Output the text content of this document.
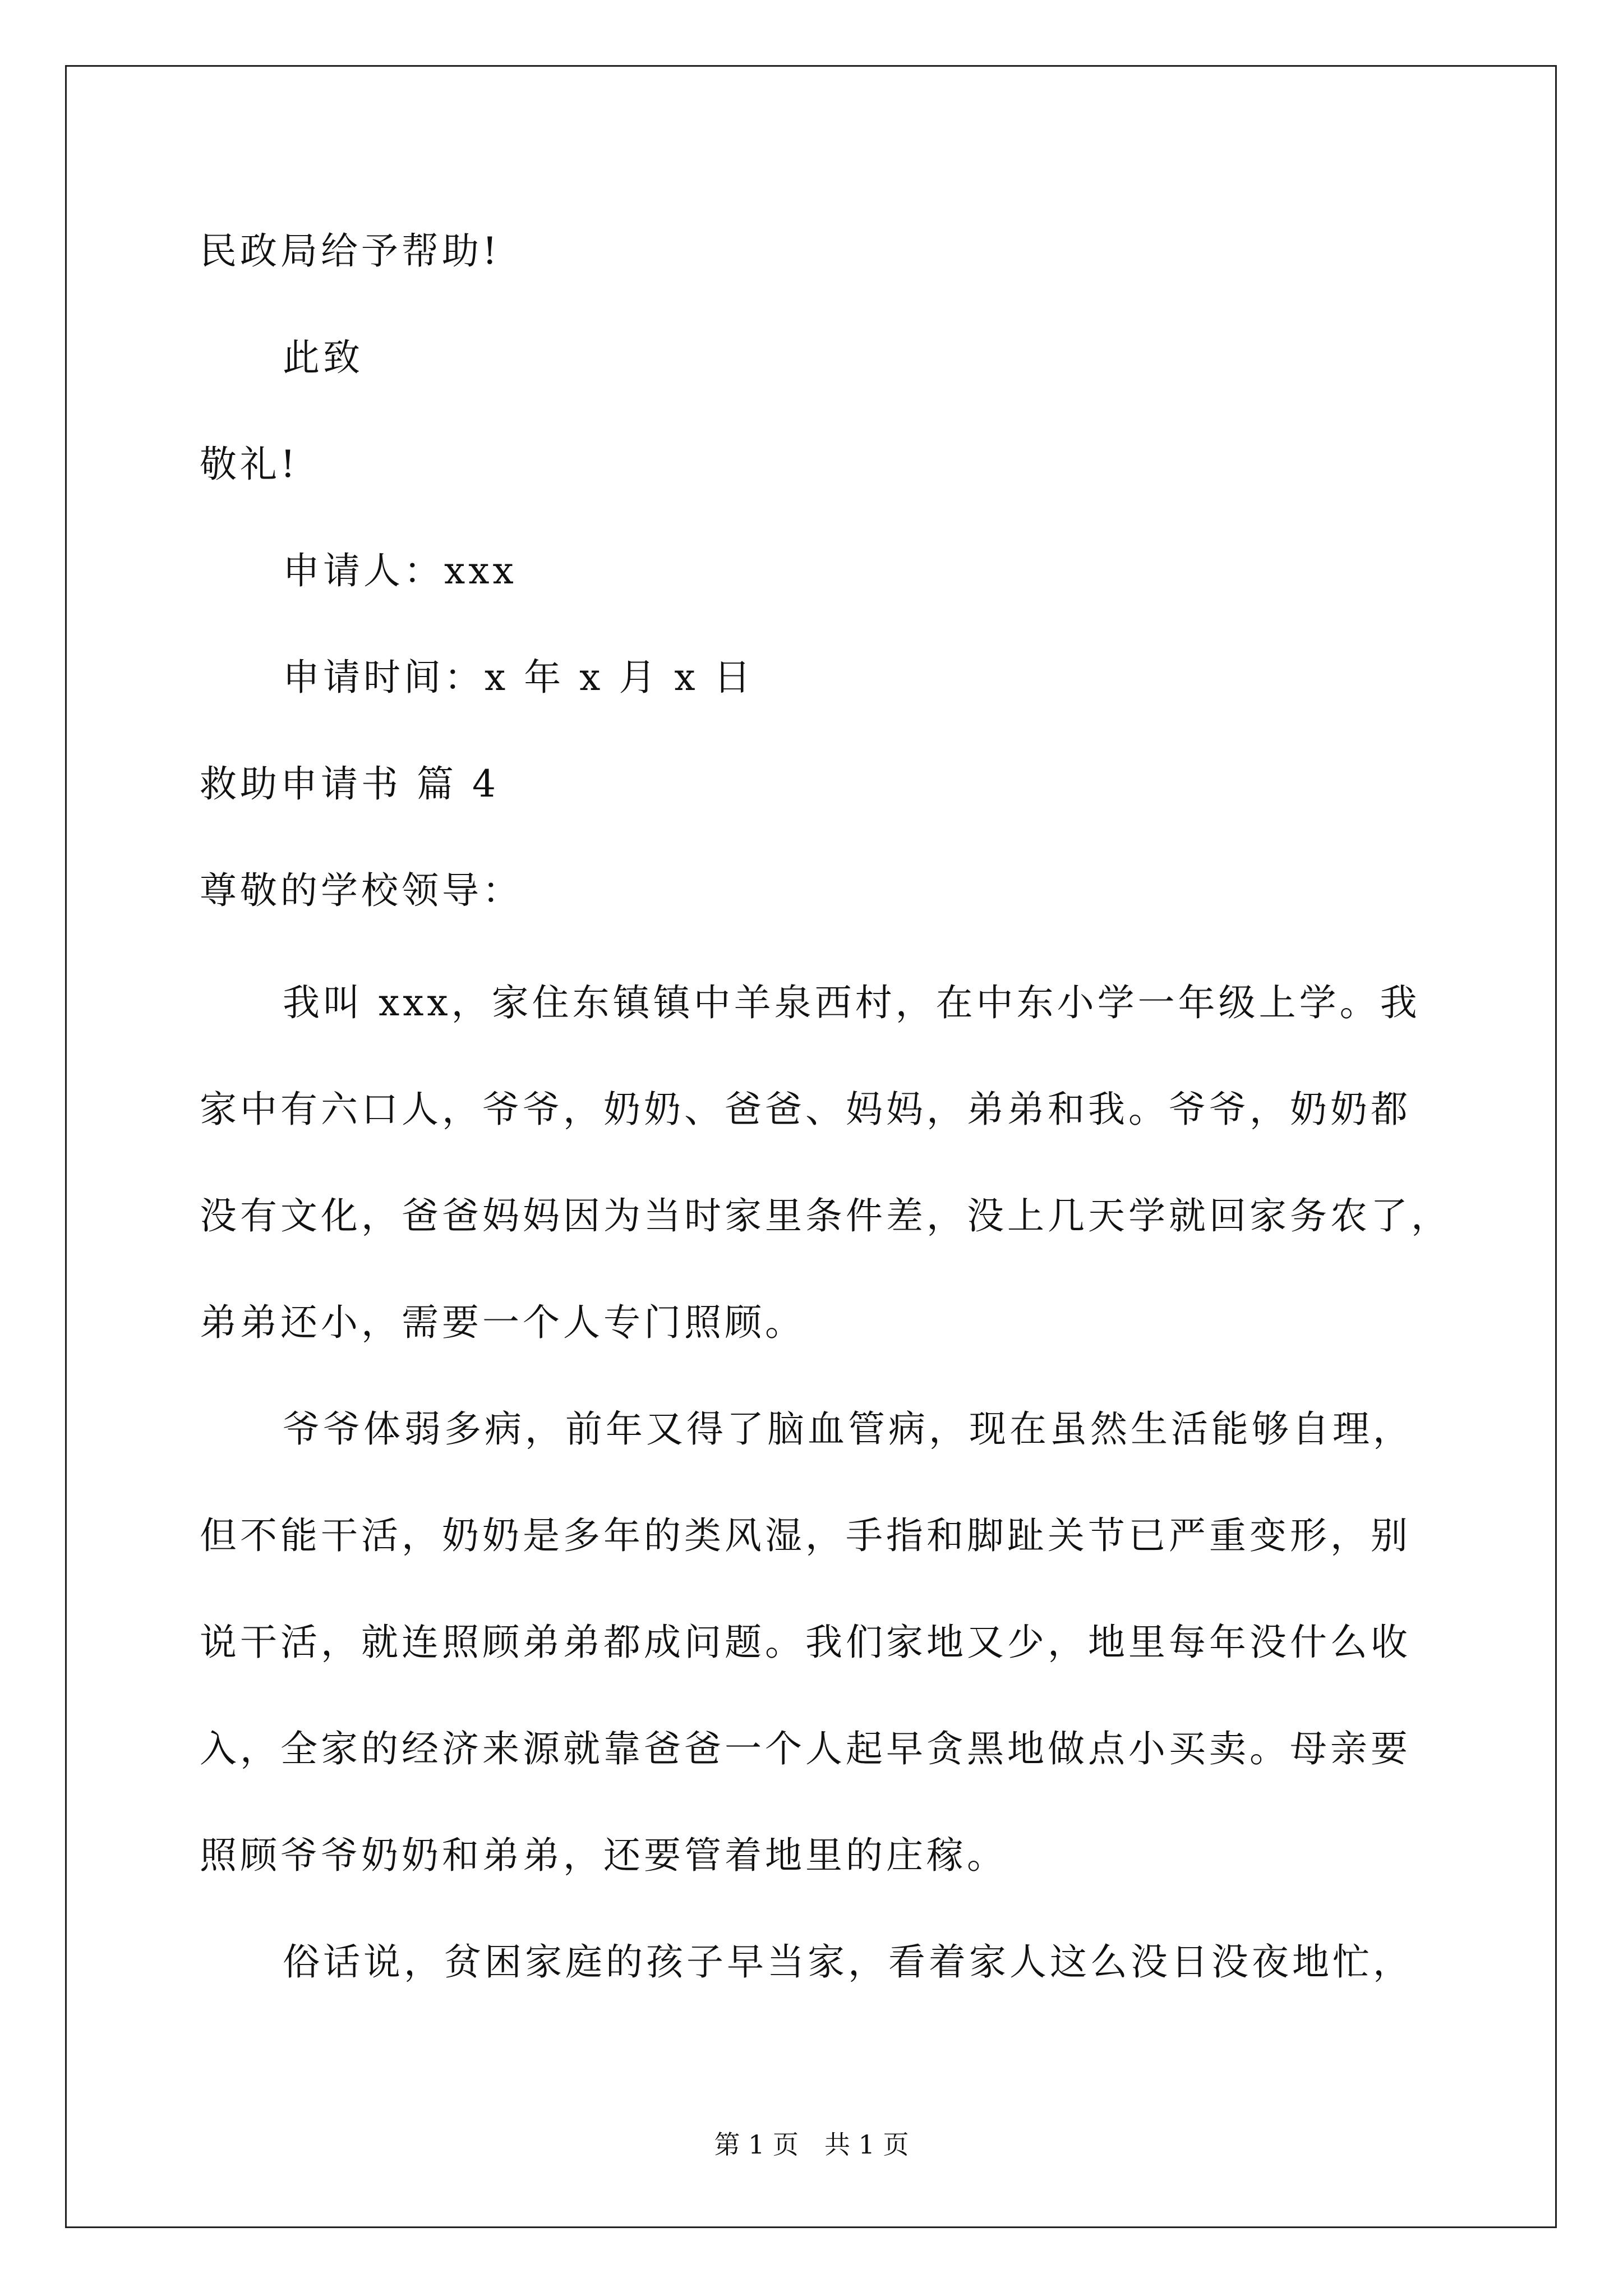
民政局给予帮助!
此致
敬礼!
申请人：xxx
申请时间：x 年 x 月 x 日
救助申请书 篇 4
尊敬的学校领导：
我叫 xxx，家住东镇镇中羊泉西村，在中东小学一年级上学。我
家中有六口人，爷爷，奶奶、爸爸、妈妈，弟弟和我。爷爷，奶奶都
没有文化，爸爸妈妈因为当时家里条件差，没上几天学就回家务农了，
弟弟还小，需要一个人专门照顾。
爷爷体弱多病，前年又得了脑血管病，现在虽然生活能够自理，
但不能干活，奶奶是多年的类风湿，手指和脚趾关节已严重变形，别
说干活，就连照顾弟弟都成问题。我们家地又少，地里每年没什么收
入，全家的经济来源就靠爸爸一个人起早贪黑地做点小买卖。母亲要
照顾爷爷奶奶和弟弟，还要管着地里的庄稼。
俗话说，贫困家庭的孩子早当家，看着家人这么没日没夜地忙，
第 1 页　共 1 页
